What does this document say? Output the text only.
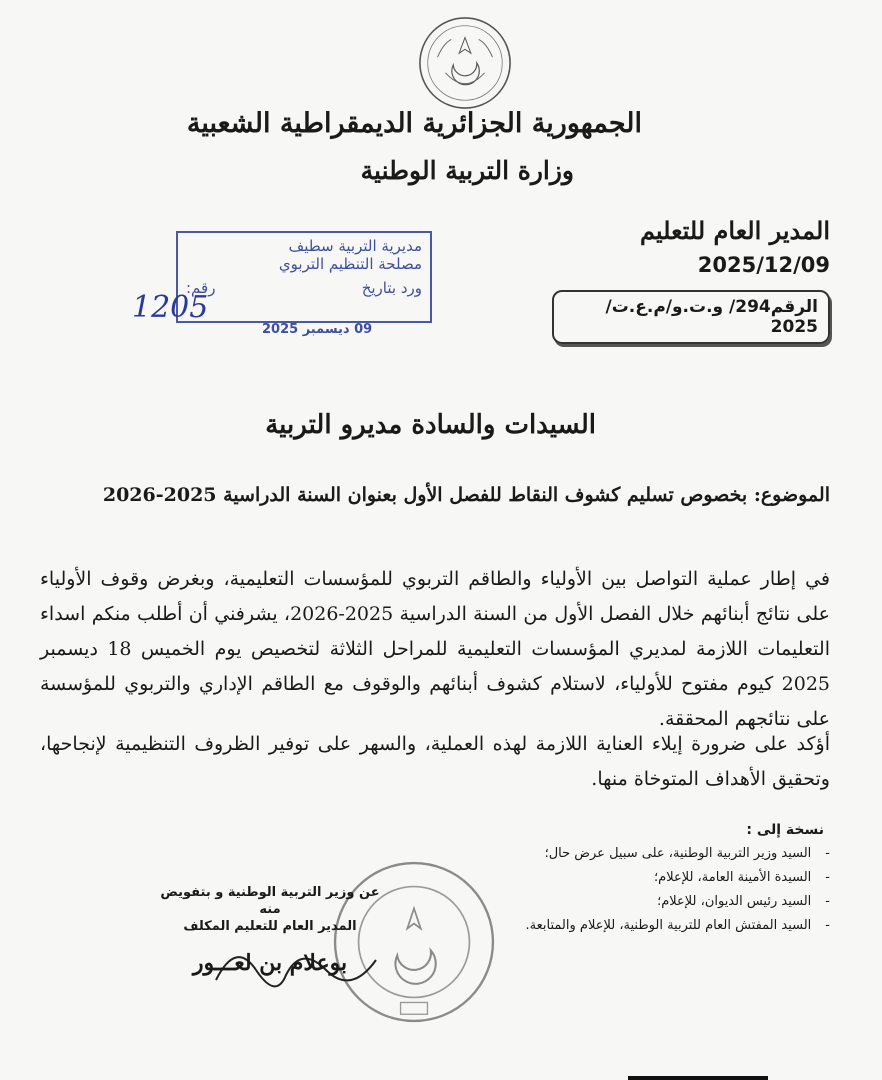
الجمهورية الجزائرية الديمقراطية الشعبية
وزارة التربية الوطنية
المدير العام للتعليم
2025/12/09
الرقم294/ و.ت.و/م.ع.ت/ 2025
مديرية التربية سطيف
مصلحة التنظيم التربوي
ورد بتاريخ
رقم:
09 ديسمبر 2025
1205
السيدات والسادة مديرو التربية
الموضوع: بخصوص تسليم كشوف النقاط للفصل الأول بعنوان السنة الدراسية 2025-2026
في إطار عملية التواصل بين الأولياء والطاقم التربوي للمؤسسات التعليمية، وبغرض وقوف الأولياء على نتائج أبنائهم خلال الفصل الأول من السنة الدراسية 2025-2026، يشرفني أن أطلب منكم اسداء التعليمات اللازمة لمديري المؤسسات التعليمية للمراحل الثلاثة لتخصيص يوم الخميس 18 ديسمبر 2025 كيوم مفتوح للأولياء، لاستلام كشوف أبنائهم والوقوف مع الطاقم الإداري والتربوي للمؤسسة على نتائجهم المحققة.
أؤكد على ضرورة إيلاء العناية اللازمة لهذه العملية، والسهر على توفير الظروف التنظيمية لإنجاحها، وتحقيق الأهداف المتوخاة منها.
نسخة إلى :
- السيد وزير التربية الوطنية، على سبيل عرض حال؛
- السيدة الأمينة العامة، للإعلام؛
- السيد رئيس الديوان، للإعلام؛
- السيد المفتش العام للتربية الوطنية، للإعلام والمتابعة.
عن وزير التربية الوطنية و بتفويض منه
المدير العام للتعليم المكلف
بوعلام بن لعـــور
